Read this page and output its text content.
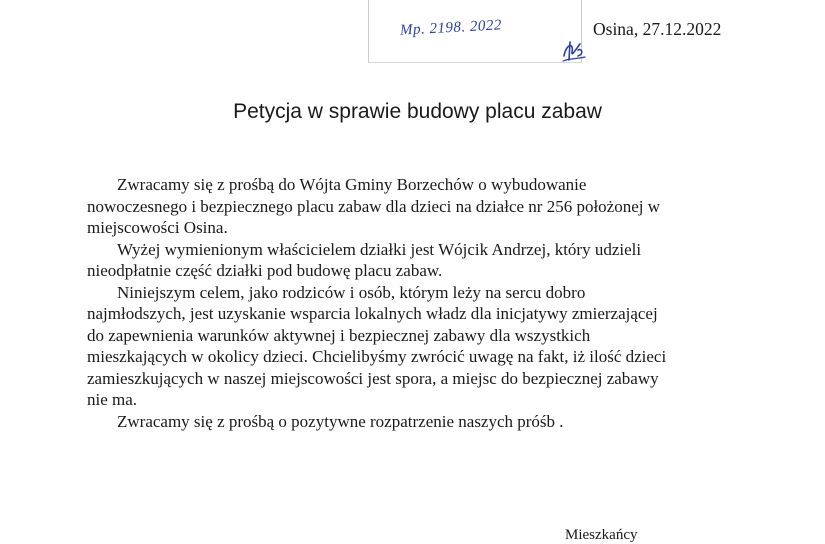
Mp. 2198. 2022	Osina, 27.12.2022
Petycja w sprawie budowy placu zabaw
Zwracamy się z prośbą do Wójta Gminy Borzechów o wybudowanie
nowoczesnego i bezpiecznego placu zabaw dla dzieci na działce nr 256 położonej w
miejscowości Osina.
Wyżej wymienionym właścicielem działki jest Wójcik Andrzej, który udzieli
nieodpłatnie część działki pod budowę placu zabaw.
Niniejszym celem, jako rodziców i osób, którym leży na sercu dobro
najmłodszych, jest uzyskanie wsparcia lokalnych władz dla inicjatywy zmierzającej
do zapewnienia warunków aktywnej i bezpiecznej zabawy dla wszystkich
mieszkających w okolicy dzieci. Chcielibyśmy zwrócić uwagę na fakt, iż ilość dzieci
zamieszkujących w naszej miejscowości jest spora, a miejsc do bezpiecznej zabawy
nie ma.
Zwracamy się z prośbą o pozytywne rozpatrzenie naszych próśb .
Mieszkańcy
